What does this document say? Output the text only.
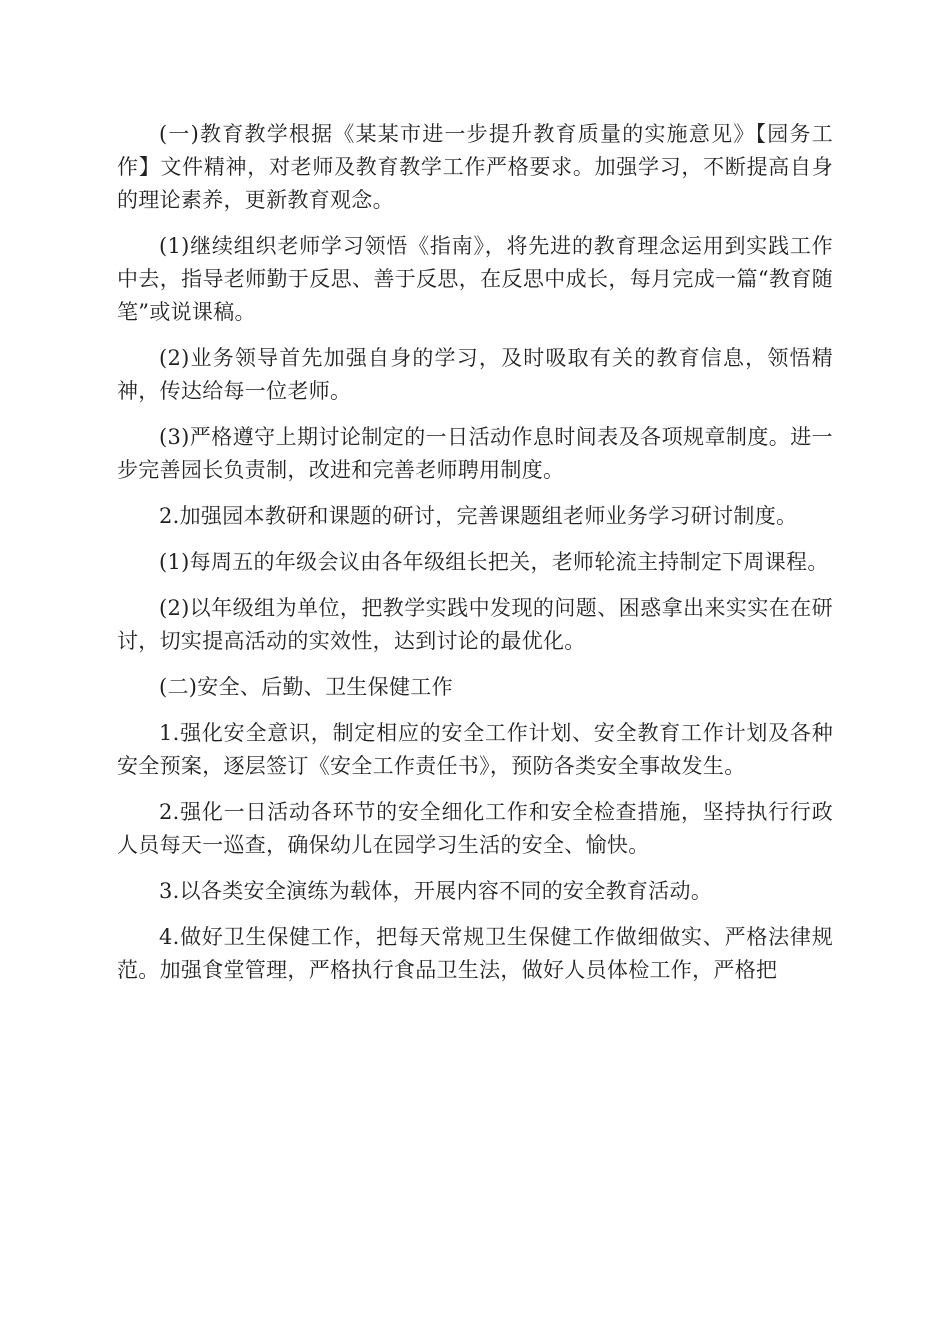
(一)教育教学根据《某某市进一步提升教育质量的实施意见》【园务工作】文件精神，对老师及教育教学工作严格要求。加强学习，不断提高自身的理论素养，更新教育观念。

(1)继续组织老师学习领悟《指南》，将先进的教育理念运用到实践工作中去，指导老师勤于反思、善于反思，在反思中成长，每月完成一篇“教育随笔”或说课稿。

(2)业务领导首先加强自身的学习，及时吸取有关的教育信息，领悟精神，传达给每一位老师。

(3)严格遵守上期讨论制定的一日活动作息时间表及各项规章制度。进一步完善园长负责制，改进和完善老师聘用制度。

2.加强园本教研和课题的研讨，完善课题组老师业务学习研讨制度。

(1)每周五的年级会议由各年级组长把关，老师轮流主持制定下周课程。

(2)以年级组为单位，把教学实践中发现的问题、困惑拿出来实实在在研讨，切实提高活动的实效性，达到讨论的最优化。

(二)安全、后勤、卫生保健工作

1.强化安全意识，制定相应的安全工作计划、安全教育工作计划及各种安全预案，逐层签订《安全工作责任书》，预防各类安全事故发生。

2.强化一日活动各环节的安全细化工作和安全检查措施，坚持执行行政人员每天一巡查，确保幼儿在园学习生活的安全、愉快。

3.以各类安全演练为载体，开展内容不同的安全教育活动。

4.做好卫生保健工作，把每天常规卫生保健工作做细做实、严格法律规范。加强食堂管理，严格执行食品卫生法，做好人员体检工作，严格把
